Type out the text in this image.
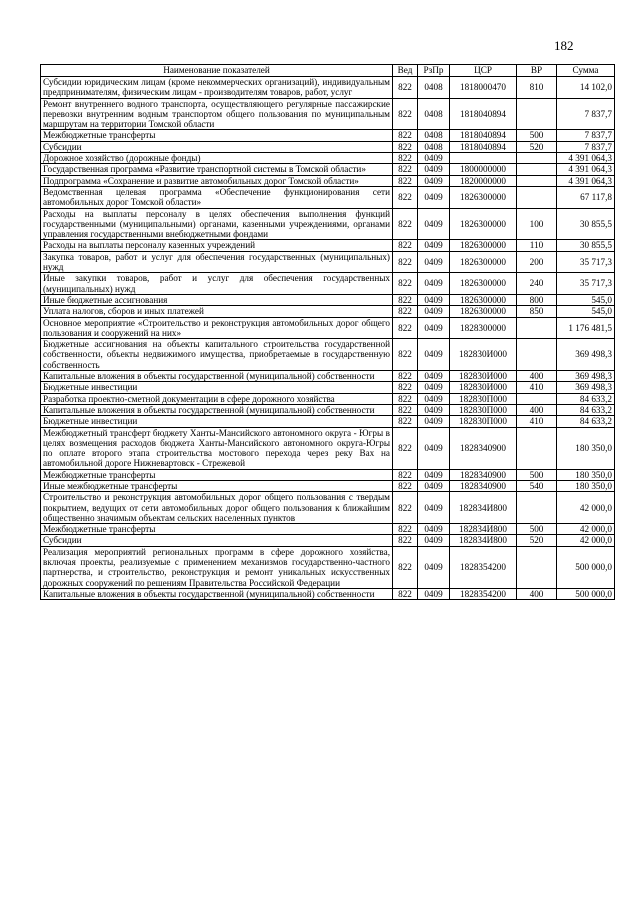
182
Наименование показателей	Вед	РзПр	ЦСР	ВР	Сумма
Субсидии юридическим лицам (кроме некоммерческих организаций), индивидуальным предпринимателям, физическим лицам - производителям товаров, работ, услуг	822	0408	1818000470	810	14 102,0
Ремонт внутреннего водного транспорта, осуществляющего регулярные пассажирские перевозки внутренним водным транспортом общего пользования по муниципальным маршрутам на территории Томской области	822	0408	1818040894		7 837,7
Межбюджетные трансферты	822	0408	1818040894	500	7 837,7
Субсидии	822	0408	1818040894	520	7 837,7
Дорожное хозяйство (дорожные фонды)	822	0409			4 391 064,3
Государственная программа «Развитие транспортной системы в Томской области»	822	0409	1800000000		4 391 064,3
Подпрограмма «Сохранение и развитие автомобильных дорог Томской области»	822	0409	1820000000		4 391 064,3
Ведомственная целевая программа «Обеспечение функционирования сети автомобильных дорог Томской области»	822	0409	1826300000		67 117,8
Расходы на выплаты персоналу в целях обеспечения выполнения функций государственными (муниципальными) органами, казенными учреждениями, органами управления государственными внебюджетными фондами	822	0409	1826300000	100	30 855,5
Расходы на выплаты персоналу казенных учреждений	822	0409	1826300000	110	30 855,5
Закупка товаров, работ и услуг для обеспечения государственных (муниципальных) нужд	822	0409	1826300000	200	35 717,3
Иные закупки товаров, работ и услуг для обеспечения государственных (муниципальных) нужд	822	0409	1826300000	240	35 717,3
Иные бюджетные ассигнования	822	0409	1826300000	800	545,0
Уплата налогов, сборов и иных платежей	822	0409	1826300000	850	545,0
Основное мероприятие «Строительство и реконструкция автомобильных дорог общего пользования и сооружений на них»	822	0409	1828300000		1 176 481,5
Бюджетные ассигнования на объекты капитального строительства государственной собственности, объекты недвижимого имущества, приобретаемые в государственную собственность	822	0409	182830И000		369 498,3
Капитальные вложения в объекты государственной (муниципальной) собственности	822	0409	182830И000	400	369 498,3
Бюджетные инвестиции	822	0409	182830И000	410	369 498,3
Разработка проектно-сметной документации в сфере дорожного хозяйства	822	0409	182830П000		84 633,2
Капитальные вложения в объекты государственной (муниципальной) собственности	822	0409	182830П000	400	84 633,2
Бюджетные инвестиции	822	0409	182830П000	410	84 633,2
Межбюджетный трансферт бюджету Ханты-Мансийского автономного округа - Югры в целях возмещения расходов бюджета Ханты-Мансийского автономного округа-Югры по оплате второго этапа строительства мостового перехода через реку Вах на автомобильной дороге Нижневартовск - Стрежевой	822	0409	1828340900		180 350,0
Межбюджетные трансферты	822	0409	1828340900	500	180 350,0
Иные межбюджетные трансферты	822	0409	1828340900	540	180 350,0
Строительство и реконструкция автомобильных дорог общего пользования с твердым покрытием, ведущих от сети автомобильных дорог общего пользования к ближайшим общественно значимым объектам сельских населенных пунктов	822	0409	182834И800		42 000,0
Межбюджетные трансферты	822	0409	182834И800	500	42 000,0
Субсидии	822	0409	182834И800	520	42 000,0
Реализация мероприятий региональных программ в сфере дорожного хозяйства, включая проекты, реализуемые с применением механизмов государственно-частного партнерства, и строительство, реконструкция и ремонт уникальных искусственных дорожных сооружений по решениям Правительства Российской Федерации	822	0409	1828354200		500 000,0
Капитальные вложения в объекты государственной (муниципальной) собственности	822	0409	1828354200	400	500 000,0
